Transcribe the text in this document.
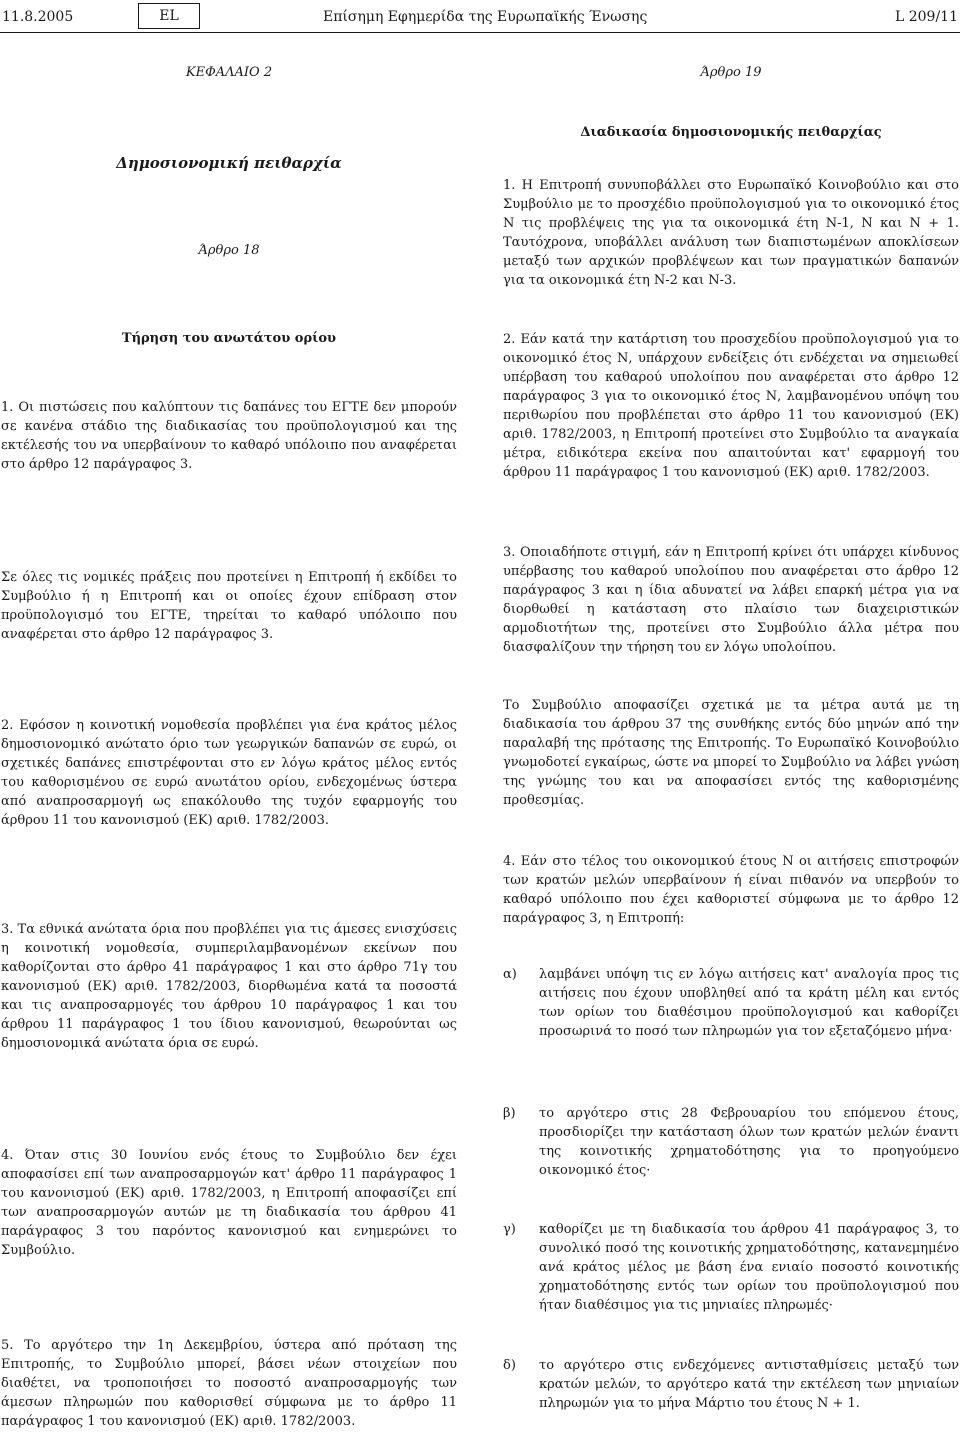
11.8.2005	EL	Επίσημη Εφημερίδα της Ευρωπαϊκής Ένωσης	L 209/11
ΚΕΦΑΛΑΙΟ 2
Δημοσιονομική πειθαρχία
Άρθρο 18
Τήρηση του ανωτάτου ορίου

1. Οι πιστώσεις που καλύπτουν τις δαπάνες του ΕΓΤΕ δεν μπορούν σε κανένα στάδιο της διαδικασίας του προϋπολογισμού και της εκτέλεσής του να υπερβαίνουν το καθαρό υπόλοιπο που αναφέρεται στο άρθρο 12 παράγραφος 3.

Σε όλες τις νομικές πράξεις που προτείνει η Επιτροπή ή εκδίδει το Συμβούλιο ή η Επιτροπή και οι οποίες έχουν επίδραση στον προϋπολογισμό του ΕΓΤΕ, τηρείται το καθαρό υπόλοιπο που αναφέρεται στο άρθρο 12 παράγραφος 3.

2. Εφόσον η κοινοτική νομοθεσία προβλέπει για ένα κράτος μέλος δημοσιονομικό ανώτατο όριο των γεωργικών δαπανών σε ευρώ, οι σχετικές δαπάνες επιστρέφονται στο εν λόγω κράτος μέλος εντός του καθορισμένου σε ευρώ ανωτάτου ορίου, ενδεχομένως ύστερα από αναπροσαρμογή ως επακόλουθο της τυχόν εφαρμογής του άρθρου 11 του κανονισμού (ΕΚ) αριθ. 1782/2003.

3. Τα εθνικά ανώτατα όρια που προβλέπει για τις άμεσες ενισχύσεις η κοινοτική νομοθεσία, συμπεριλαμβανομένων εκείνων που καθορίζονται στο άρθρο 41 παράγραφος 1 και στο άρθρο 71γ του κανονισμού (ΕΚ) αριθ. 1782/2003, διορθωμένα κατά τα ποσοστά και τις αναπροσαρμογές του άρθρου 10 παράγραφος 1 και του άρθρου 11 παράγραφος 1 του ίδιου κανονισμού, θεωρούνται ως δημοσιονομικά ανώτατα όρια σε ευρώ.

4. Όταν στις 30 Ιουνίου ενός έτους το Συμβούλιο δεν έχει αποφασίσει επί των αναπροσαρμογών κατ' άρθρο 11 παράγραφος 1 του κανονισμού (ΕΚ) αριθ. 1782/2003, η Επιτροπή αποφασίζει επί των αναπροσαρμογών αυτών με τη διαδικασία του άρθρου 41 παράγραφος 3 του παρόντος κανονισμού και ενημερώνει το Συμβούλιο.

5. Το αργότερο την 1η Δεκεμβρίου, ύστερα από πρόταση της Επιτροπής, το Συμβούλιο μπορεί, βάσει νέων στοιχείων που διαθέτει, να τροποποιήσει το ποσοστό αναπροσαρμογής των άμεσων πληρωμών που καθορισθεί σύμφωνα με το άρθρο 11 παράγραφος 1 του κανονισμού (ΕΚ) αριθ. 1782/2003.

Άρθρο 19
Διαδικασία δημοσιονομικής πειθαρχίας

1. Η Επιτροπή συνυποβάλλει στο Ευρωπαϊκό Κοινοβούλιο και στο Συμβούλιο με το προσχέδιο προϋπολογισμού για το οικονομικό έτος Ν τις προβλέψεις της για τα οικονομικά έτη Ν-1, Ν και Ν + 1. Ταυτόχρονα, υποβάλλει ανάλυση των διαπιστωμένων αποκλίσεων μεταξύ των αρχικών προβλέψεων και των πραγματικών δαπανών για τα οικονομικά έτη Ν-2 και Ν-3.

2. Εάν κατά την κατάρτιση του προσχεδίου προϋπολογισμού για το οικονομικό έτος Ν, υπάρχουν ενδείξεις ότι ενδέχεται να σημειωθεί υπέρβαση του καθαρού υπολοίπου που αναφέρεται στο άρθρο 12 παράγραφος 3 για το οικονομικό έτος Ν, λαμβανομένου υπόψη του περιθωρίου που προβλέπεται στο άρθρο 11 του κανονισμού (ΕΚ) αριθ. 1782/2003, η Επιτροπή προτείνει στο Συμβούλιο τα αναγκαία μέτρα, ειδικότερα εκείνα που απαιτούνται κατ' εφαρμογή του άρθρου 11 παράγραφος 1 του κανονισμού (ΕΚ) αριθ. 1782/2003.

3. Οποιαδήποτε στιγμή, εάν η Επιτροπή κρίνει ότι υπάρχει κίνδυνος υπέρβασης του καθαρού υπολοίπου που αναφέρεται στο άρθρο 12 παράγραφος 3 και η ίδια αδυνατεί να λάβει επαρκή μέτρα για να διορθωθεί η κατάσταση στο πλαίσιο των διαχειριστικών αρμοδιοτήτων της, προτείνει στο Συμβούλιο άλλα μέτρα που διασφαλίζουν την τήρηση του εν λόγω υπολοίπου.

Το Συμβούλιο αποφασίζει σχετικά με τα μέτρα αυτά με τη διαδικασία του άρθρου 37 της συνθήκης εντός δύο μηνών από την παραλαβή της πρότασης της Επιτροπής. Το Ευρωπαϊκό Κοινοβούλιο γνωμοδοτεί εγκαίρως, ώστε να μπορεί το Συμβούλιο να λάβει γνώση της γνώμης του και να αποφασίσει εντός της καθορισμένης προθεσμίας.

4. Εάν στο τέλος του οικονομικού έτους Ν οι αιτήσεις επιστροφών των κρατών μελών υπερβαίνουν ή είναι πιθανόν να υπερβούν το καθαρό υπόλοιπο που έχει καθοριστεί σύμφωνα με το άρθρο 12 παράγραφος 3, η Επιτροπή:

α)	λαμβάνει υπόψη τις εν λόγω αιτήσεις κατ' αναλογία προς τις αιτήσεις που έχουν υποβληθεί από τα κράτη μέλη και εντός των ορίων του διαθέσιμου προϋπολογισμού και καθορίζει προσωρινά το ποσό των πληρωμών για τον εξεταζόμενο μήνα·
β)	το αργότερο στις 28 Φεβρουαρίου του επόμενου έτους, προσδιορίζει την κατάσταση όλων των κρατών μελών έναντι της κοινοτικής χρηματοδότησης για το προηγούμενο οικονομικό έτος·
γ)	καθορίζει με τη διαδικασία του άρθρου 41 παράγραφος 3, το συνολικό ποσό της κοινοτικής χρηματοδότησης, κατανεμημένο ανά κράτος μέλος με βάση ένα ενιαίο ποσοστό κοινοτικής χρηματοδότησης εντός των ορίων του προϋπολογισμού που ήταν διαθέσιμος για τις μηνιαίες πληρωμές·
δ)	το αργότερο στις ενδεχόμενες αντισταθμίσεις μεταξύ των κρατών μελών, το αργότερο κατά την εκτέλεση των μηνιαίων πληρωμών για το μήνα Μάρτιο του έτους Ν + 1.
